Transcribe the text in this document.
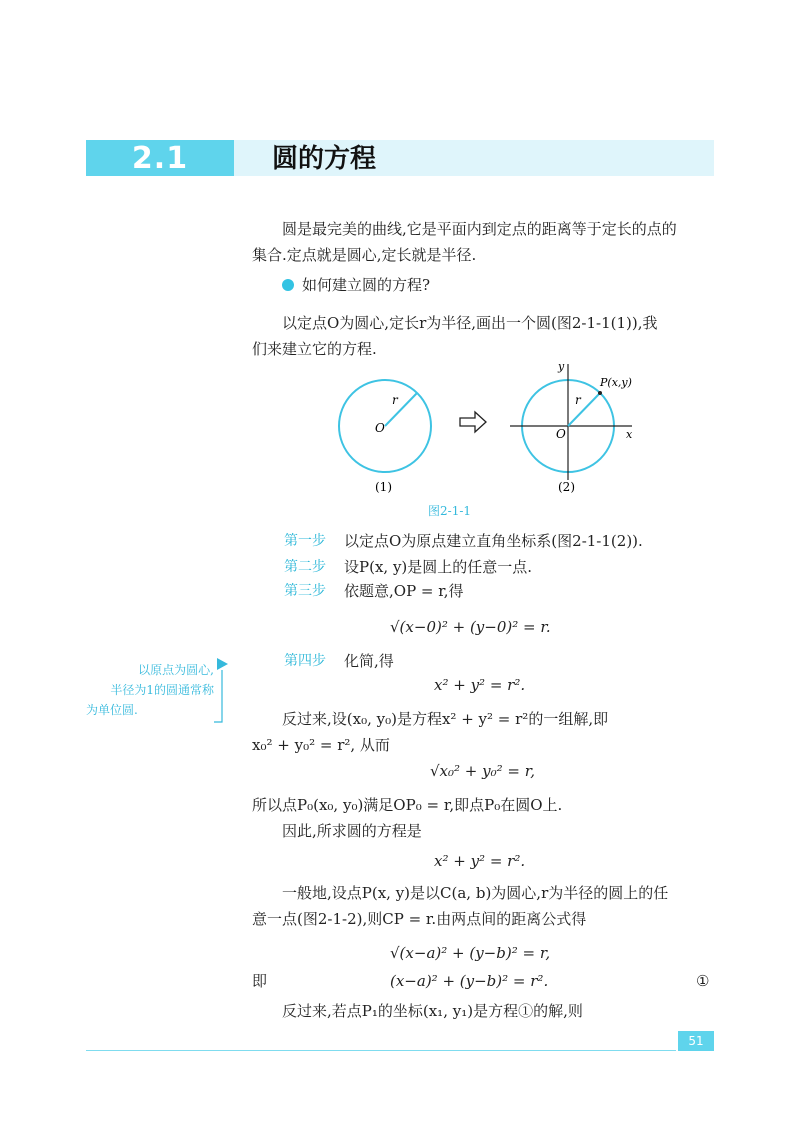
2.1	圆的方程
圆是最完美的曲线,它是平面内到定点的距离等于定长的点的
集合.定点就是圆心,定长就是半径.
如何建立圆的方程?
以定点O为圆心,定长r为半径,画出一个圆(图2-1-1(1)),我
们来建立它的方程.
O
r
(1)
P(x,y)
r
O	x
y
(2)
图2-1-1
第一步 以定点O为原点建立直角坐标系(图2-1-1(2)).
第二步 设P(x, y)是圆上的任意一点.
第三步 依题意,OP = r,得
√(x−0)² + (y−0)² = r.
第四步 化简,得
x² + y² = r².
以原点为圆心,
半径为1的圆通常称
为单位圆.	反过来,设(x₀, y₀)是方程x² + y² = r²的一组解,即
x₀² + y₀² = r², 从而
√x₀² + y₀² = r,
所以点P₀(x₀, y₀)满足OP₀ = r,即点P₀在圆O上.
因此,所求圆的方程是
x² + y² = r².
一般地,设点P(x, y)是以C(a, b)为圆心,r为半径的圆上的任
意一点(图2-1-2),则CP = r.由两点间的距离公式得
√(x−a)² + (y−b)² = r,
即	(x−a)² + (y−b)² = r².	①
反过来,若点P₁的坐标(x₁, y₁)是方程①的解,则
51
